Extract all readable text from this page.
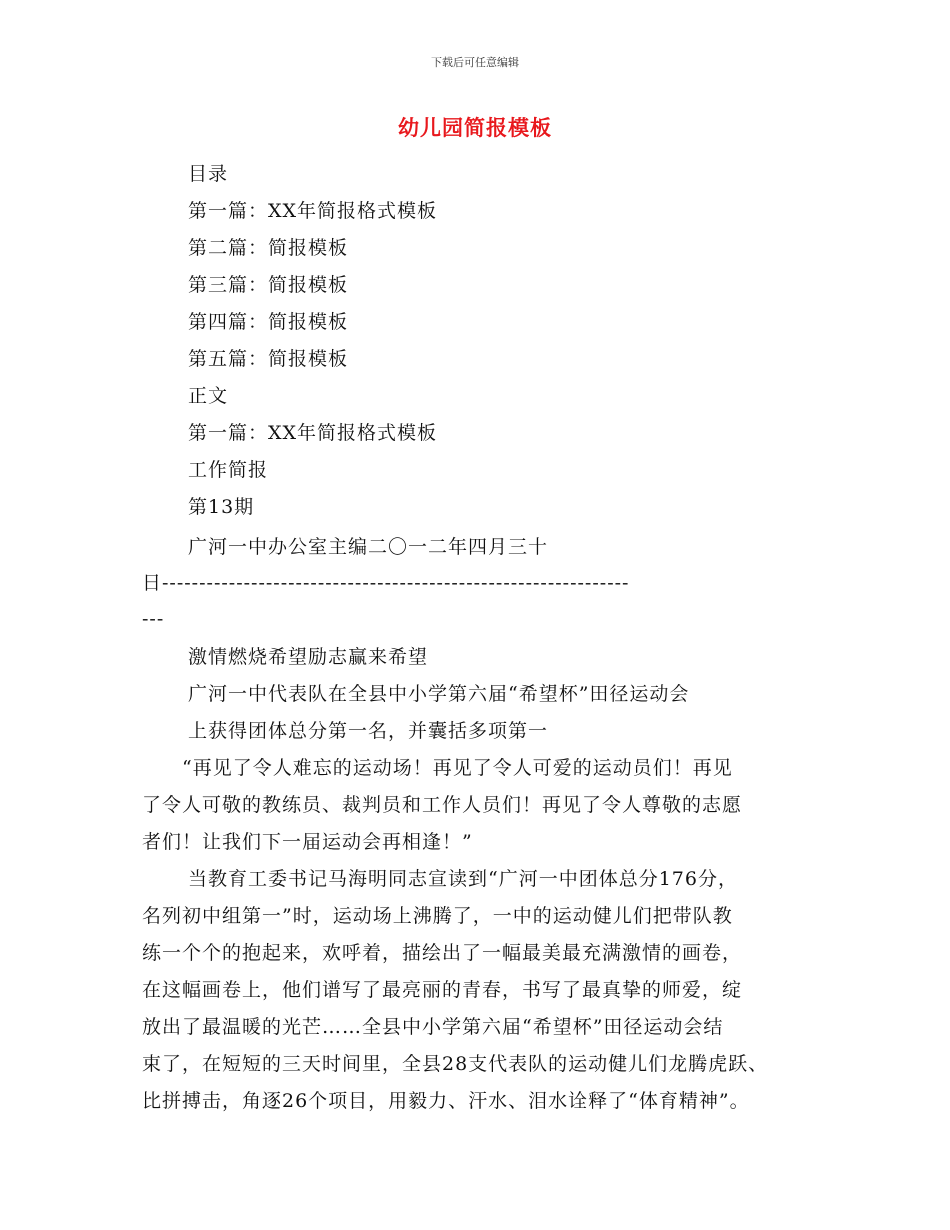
下载后可任意编辑
幼儿园简报模板
目录
第一篇：XX年简报格式模板
第二篇：简报模板
第三篇：简报模板
第四篇：简报模板
第五篇：简报模板
正文
第一篇：XX年简报格式模板
工作简报
第13期
广河一中办公室主编二〇一二年四月三十
日---------------------------------------------------------------
---
激情燃烧希望励志赢来希望
广河一中代表队在全县中小学第六届“希望杯”田径运动会
上获得团体总分第一名，并囊括多项第一
“再见了令人难忘的运动场！再见了令人可爱的运动员们！再见
了令人可敬的教练员、裁判员和工作人员们！再见了令人尊敬的志愿
者们！让我们下一届运动会再相逢！”
当教育工委书记马海明同志宣读到“广河一中团体总分176分，
名列初中组第一”时，运动场上沸腾了，一中的运动健儿们把带队教
练一个个的抱起来，欢呼着，描绘出了一幅最美最充满激情的画卷，
在这幅画卷上，他们谱写了最亮丽的青春，书写了最真挚的师爱，绽
放出了最温暖的光芒……全县中小学第六届“希望杯”田径运动会结
束了，在短短的三天时间里，全县28支代表队的运动健儿们龙腾虎跃、
比拼搏击，角逐26个项目，用毅力、汗水、泪水诠释了“体育精神”。
